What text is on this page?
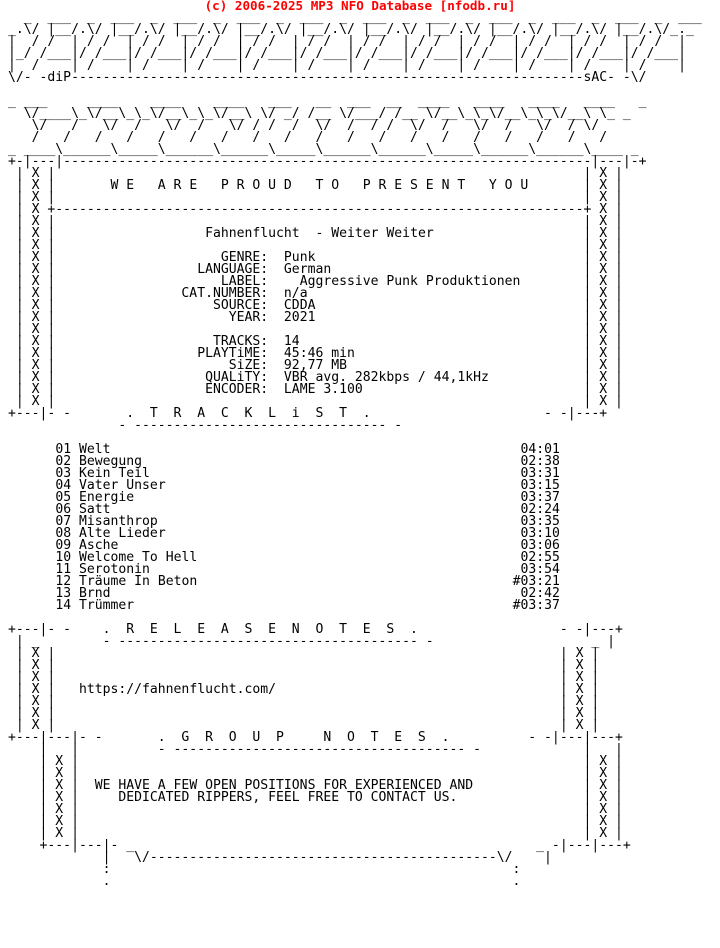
(c) 2006-2025 MP3 NFO Database [nfodb.ru]
_  ___  _  ___  _  ___  _  ___  _  ___  _  ___  _  ___  _  ___  _  ___  _  ___  _  ___
_.\/ |__/.\/ |__/.\/ |__/.\/ |__/.\/ |__/.\/ |__/.\/ |__/.\/ |__/.\/ |__/.\/ |__/.\/_._
|  / /  | / /  | / /  | / /  | / /  | / /  | / /  | / /  | / /  | / /  | / /  | / /  |
|_/ /___|/ /___|/ /___|/ /___|/ /___|/ /___|/ /___|/ /___|/ /___|/ /___|/ /___|/ /___|
|  /    | /    | /    | /    | /    | /    | /    | /    | /    | /    | /    | /    |
\/- -diP-----------------------------------------------------------------sAC- -\/

_ ___     ____    ____    ____   ___   __  ___  __  ____   ____   ____   ____   _
\/____\_\/__\_\_\/__\_\_\/__\ \/ _/ /__ \/___/ /__ \/__\_\_\/__\_\_\/__\ \_ _
\/   /   \/  /   \/  /   \/ / /  /  \/  /  / /  \/  /   \/  /   \/  / \/
/   /   /   /   /   /   /   /   /   /   /   /   /   /   /   /   /   /   /
_ ____\______\_____\______\______\_____\______\______\_____\______\______\____ _
+-|---|-------------------------------------------------------------------|---|-+
| X |                                                                   | X |
| X |	W E   A R E   P R O U D   T O   P R E S E N T   Y O U	| X |
| X |                                                                   | X |
| X +-------------------------------------------------------------------+ X |
| X |                                                                   | X |
| X |	Fahnenflucht  - Weiter Weiter	| X |
| X |                                                                   | X |
| X |                     GENRE:  Punk	| X |
| X |                  LANGUAGE:  German	| X |
| X |                     LABEL:    Aggressive Punk Produktionen	| X |
| X |                CAT.NUMBER:  n/a	| X |
| X |                    SOURCE:  CDDA	| X |
| X |                      YEAR:  2021	| X |
| X |                                                                   | X |
| X |                    TRACKS:  14	| X |
| X |                  PLAYTiME:  45:46 min	| X |
| X |                      SiZE:  92,77 MB	| X |
| X |                   QUALiTY:  VBR avg. 282kbps / 44,1kHz	| X |
| X |                   ENCODER:  LAME 3.100	| X |
| X |                                                                   | X |
+---|- -       .  T  R  A  C  K  L  i  S  T  .                      - -|---+
- -------------------------------- -

01 Welt	04:01
02 Bewegung	02:38
03 Kein Teil	03:31
04 Vater Unser	03:15
05 Energie	03:37
06 Satt	02:24
07 Misanthrop	03:35
08 Alte Lieder	03:10
09 Asche	03:06
10 Welcome To Hell	02:55
11 Serotonin	03:54
12 Träume In Beton	#03:21
13 Brnd	02:42
14 Trümmer	#03:37

+---|- -    .  R  E  L  E  A  S  E  N  O  T  E  S  .                  - -|---+
| _        - -------------------------------------- -                    _ |
| X |                                                                | X |
| X |                                                                | X |
| X |                                                                | X |
| X |   https://fahnenflucht.com/	| X |
| X |                                                                | X |
| X |                                                                | X |
| X |                                                                | X |
+---|---|- -       .  G  R  O  U  P     N  O  T  E  S  .          - -|---|---+
|   |          - ------------------------------------- -             |   |
| X |                                                                | X |
| X |                                                                | X |
| X |  WE HAVE A FEW OPEN POSITIONS FOR EXPERIENCED AND	| X |
| X |	DEDICATED RIPPERS, FEEL FREE TO CONTACT US.	| X |
| X |                                                                | X |
| X |                                                                | X |
| X |                                                                | X |
+---|---|- _                                                   _ -|---|---+
|   \/--------------------------------------------\/    |
:                                                   :
.                                                   .
